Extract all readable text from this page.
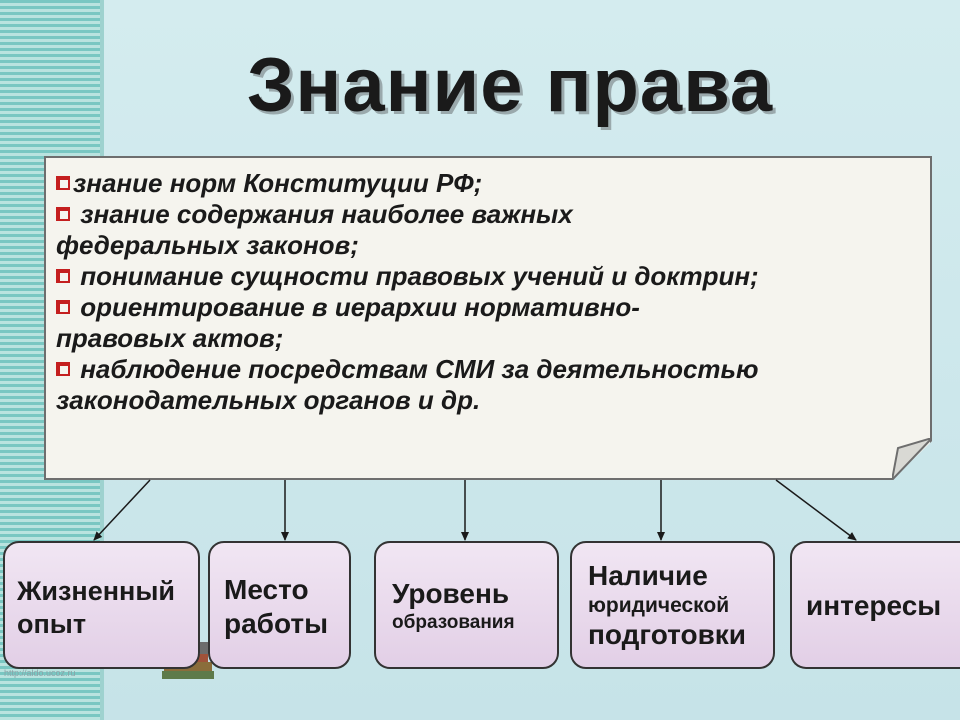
Знание права
знание норм Конституции РФ;
знание содержания наиболее важных
федеральных законов;
понимание сущности правовых учений и доктрин;
ориентирование в иерархии нормативно-
правовых актов;
наблюдение посредствам СМИ за деятельностью
законодательных органов и др.
Жизненный
опыт
Место
работы
Уровень
образования
Наличие
юридической
подготовки
интересы
http://aldo.ucoz.ru
